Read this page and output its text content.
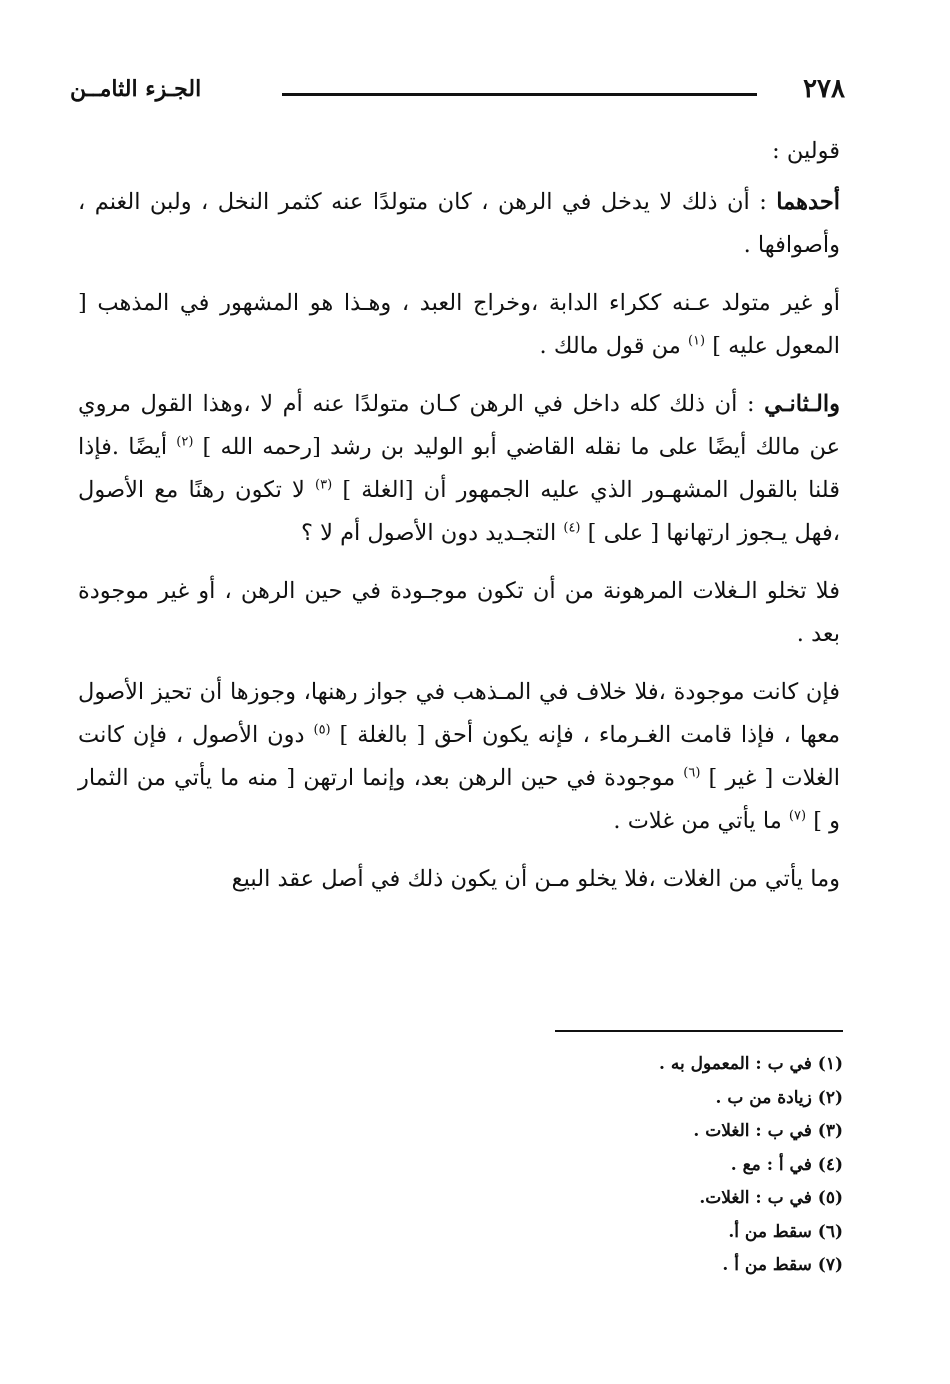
٢٧٨
الجـزء الثامــن

قولين :

أحدهما : أن ذلك لا يدخل في الرهن ، كان متولدًا عنه كثمر النخل ، ولبن الغنم ، وأصوافها .

أو غير متولد عـنه ككراء الدابة ،وخراج العبد ، وهـذا هو المشهور في المذهب [ المعول عليه ] $^{(١)}$ من قول مالك .

والـثانـي : أن ذلك كله داخل في الرهن كـان متولدًا عنه أم لا ،وهذا القول مروي عن مالك أيضًا على ما نقله القاضي أبو الوليد بن رشد [رحمه الله ] $^{(٢)}$ أيضًا .فإذا قلنا بالقول المشهـور الذي عليه الجمهور أن [الغلة ] $^{(٣)}$ لا تكون رهنًا مع الأصول ،فهل يـجوز ارتهانها [ على ] $^{(٤)}$ التجـديد دون الأصول أم لا ؟

فلا تخلو الـغلات المرهونة من أن تكون موجـودة في حين الرهن ، أو غير موجودة بعد .

فإن كانت موجودة ،فلا خلاف في المـذهب في جواز رهنها، وجوزها أن تحيز الأصول معها ، فإذا قامت الغـرماء ، فإنه يكون أحق [ بالغلة ] $^{(٥)}$ دون الأصول ، فإن كانت الغلات [ غير ] $^{(٦)}$ موجودة في حين الرهن بعد، وإنما ارتهن [ منه ما يأتي من الثمار و ] $^{(٧)}$ ما يأتي من غلات .

وما يأتي من الغلات ،فلا يخلو مـن أن يكون ذلك في أصل عقد البيع

(١) في ب : المعمول به .
(٢) زيادة من ب .
(٣) في ب : الغلات .
(٤) في أ : مع .
(٥) في ب : الغلات.
(٦) سقط من أ.
(٧) سقط من أ .
